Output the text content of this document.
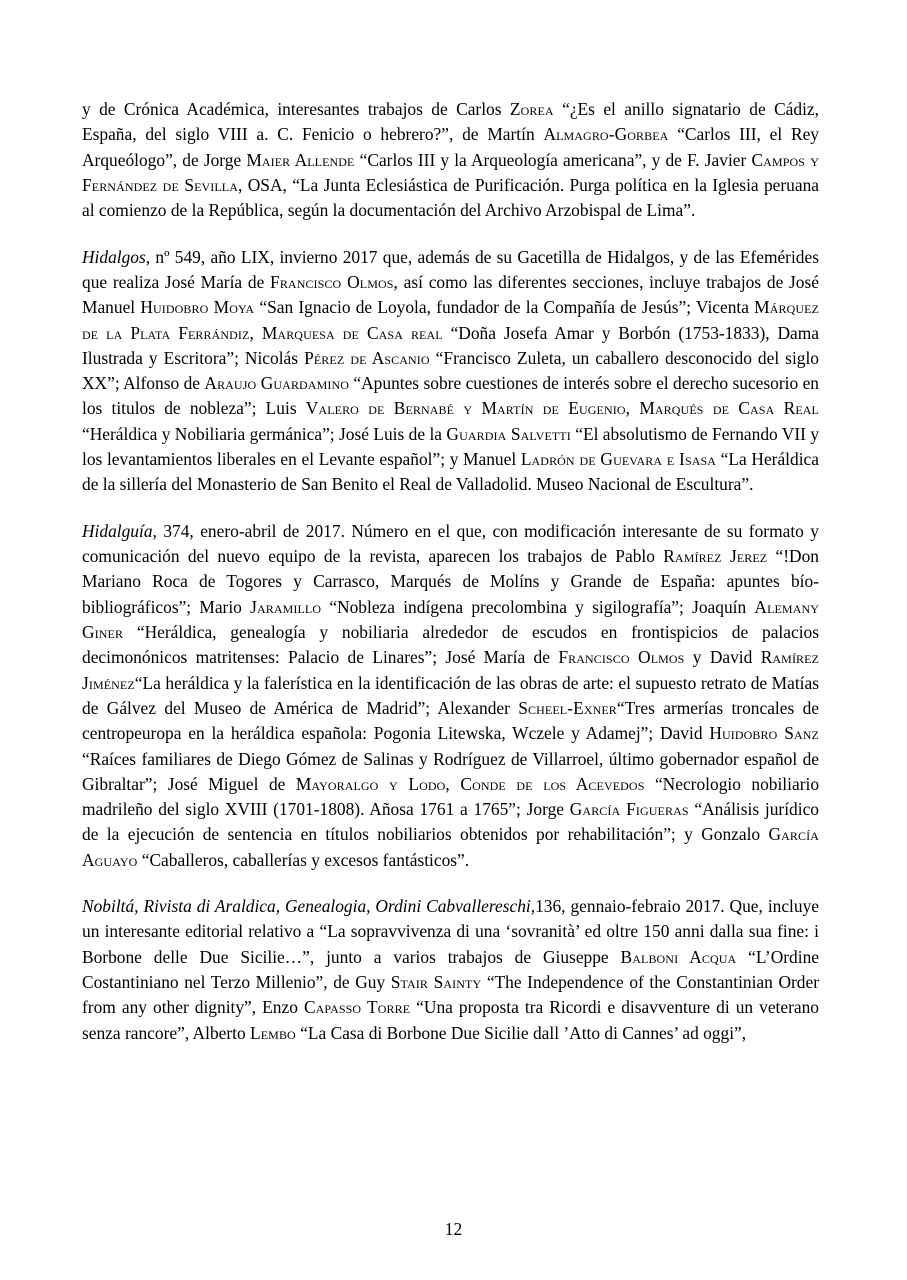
y de Crónica Académica, interesantes trabajos de Carlos Zorea “¿Es el anillo signatario de Cádiz, España, del siglo VIII a. C. Fenicio o hebrero?”, de Martín Almagro-Gorbea “Carlos III, el Rey Arqueólogo”, de Jorge Maier Allende “Carlos III y la Arqueología americana”, y de F. Javier Campos y Fernández de Sevilla, OSA, “La Junta Eclesiástica de Purificación. Purga política en la Iglesia peruana al comienzo de la República, según la documentación del Archivo Arzobispal de Lima”.
Hidalgos, nº 549, año LIX, invierno 2017 que, además de su Gacetilla de Hidalgos, y de las Efemérides que realiza José María de Francisco Olmos, así como las diferentes secciones, incluye trabajos de José Manuel Huidobro Moya “San Ignacio de Loyola, fundador de la Compañía de Jesús”; Vicenta Márquez de la Plata Ferrándiz, Marquesa de Casa real “Doña Josefa Amar y Borbón (1753-1833), Dama Ilustrada y Escritora”; Nicolás Pérez de Ascanio “Francisco Zuleta, un caballero desconocido del siglo XX”; Alfonso de Araujo Guardamino “Apuntes sobre cuestiones de interés sobre el derecho sucesorio en los titulos de nobleza”; Luis Valero de Bernabé y Martín de Eugenio, Marqués de Casa Real “Heráldica y Nobiliaria germánica”; José Luis de la Guardia Salvetti “El absolutismo de Fernando VII y los levantamientos liberales en el Levante español”; y Manuel Ladrón de Guevara e Isasa “La Heráldica de la sillería del Monasterio de San Benito el Real de Valladolid. Museo Nacional de Escultura”.
Hidalguía, 374, enero-abril de 2017. Número en el que, con modificación interesante de su formato y comunicación del nuevo equipo de la revista, aparecen los trabajos de Pablo Ramírez Jerez “!Don Mariano Roca de Togores y Carrasco, Marqués de Molíns y Grande de España: apuntes bío-bibliográficos”; Mario Jaramillo “Nobleza indígena precolombina y sigilografía”; Joaquín Alemany Giner “Heráldica, genealogía y nobiliaria alrededor de escudos en frontispicios de palacios decimonónicos matritenses: Palacio de Linares”; José María de Francisco Olmos y David Ramírez Jiménez“La heráldica y la falerística en la identificación de las obras de arte: el supuesto retrato de Matías de Gálvez del Museo de América de Madrid”; Alexander Scheel-Exner“Tres armerías troncales de centropeuropa en la heráldica española: Pogonia Litewska, Wczele y Adamej”; David Huidobro Sanz “Raíces familiares de Diego Gómez de Salinas y Rodríguez de Villarroel, último gobernador español de Gibraltar”; José Miguel de Mayoralgo y Lodo, Conde de los Acevedos “Necrologio nobiliario madrileño del siglo XVIII (1701-1808). Añosa 1761 a 1765”; Jorge García Figueras “Análisis jurídico de la ejecución de sentencia en títulos nobiliarios obtenidos por rehabilitación”; y Gonzalo García Aguayo “Caballeros, caballerías y excesos fantásticos”.
Nobiltá, Rivista di Araldica, Genealogia, Ordini Cabvallereschi,136, gennaio-febraio 2017. Que, incluye un interesante editorial relativo a “La sopravvivenza di una ‘sovranità’ ed oltre 150 anni dalla sua fine: i Borbone delle Due Sicilie…”, junto a varios trabajos de Giuseppe Balboni Acqua “L’Ordine Costantiniano nel Terzo Millenio”, de Guy Stair Sainty “The Independence of the Constantinian Order from any other dignity”, Enzo Capasso Torre “Una proposta tra Ricordi e disavventure di un veterano senza rancore”, Alberto Lembo “La Casa di Borbone Due Sicilie dall ’Atto di Cannes’ ad oggi”,
12
